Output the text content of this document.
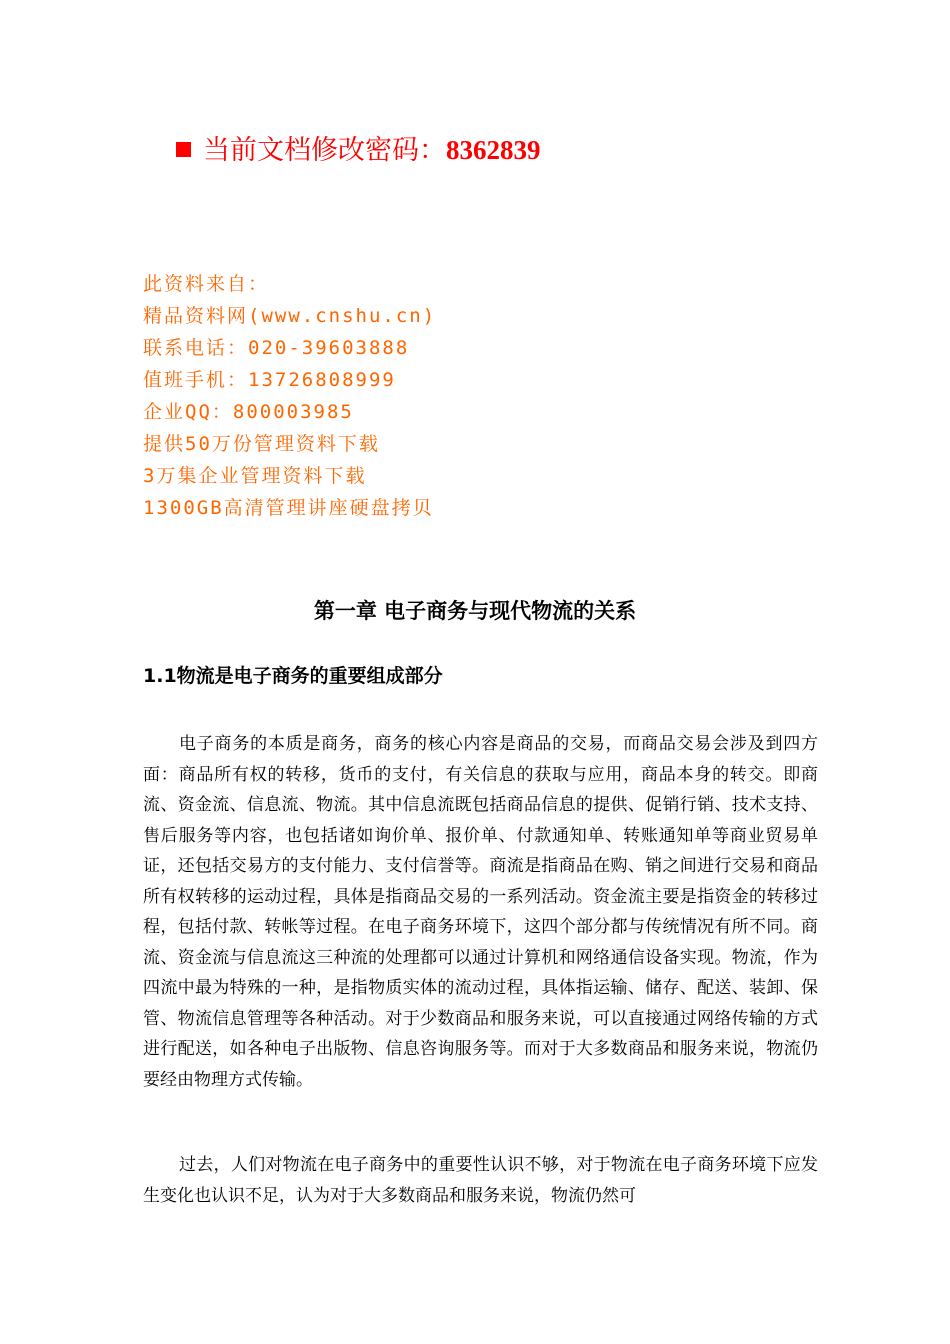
当前文档修改密码：8362839
此资料来自：
精品资料网(www.cnshu.cn)
联系电话：020-39603888
值班手机：13726808999
企业QQ：800003985
提供50万份管理资料下载
3万集企业管理资料下载
1300GB高清管理讲座硬盘拷贝
第一章 电子商务与现代物流的关系
1.1物流是电子商务的重要组成部分

电子商务的本质是商务，商务的核心内容是商品的交易，而商品交易会涉及到四方面：商品所有权的转移，货币的支付，有关信息的获取与应用，商品本身的转交。即商流、资金流、信息流、物流。其中信息流既包括商品信息的提供、促销行销、技术支持、售后服务等内容，也包括诸如询价单、报价单、付款通知单、转账通知单等商业贸易单证，还包括交易方的支付能力、支付信誉等。商流是指商品在购、销之间进行交易和商品所有权转移的运动过程，具体是指商品交易的一系列活动。资金流主要是指资金的转移过程，包括付款、转帐等过程。在电子商务环境下，这四个部分都与传统情况有所不同。商流、资金流与信息流这三种流的处理都可以通过计算机和网络通信设备实现。物流，作为四流中最为特殊的一种，是指物质实体的流动过程，具体指运输、储存、配送、装卸、保管、物流信息管理等各种活动。对于少数商品和服务来说，可以直接通过网络传输的方式进行配送，如各种电子出版物、信息咨询服务等。而对于大多数商品和服务来说，物流仍要经由物理方式传输。

过去，人们对物流在电子商务中的重要性认识不够，对于物流在电子商务环境下应发生变化也认识不足，认为对于大多数商品和服务来说，物流仍然可
